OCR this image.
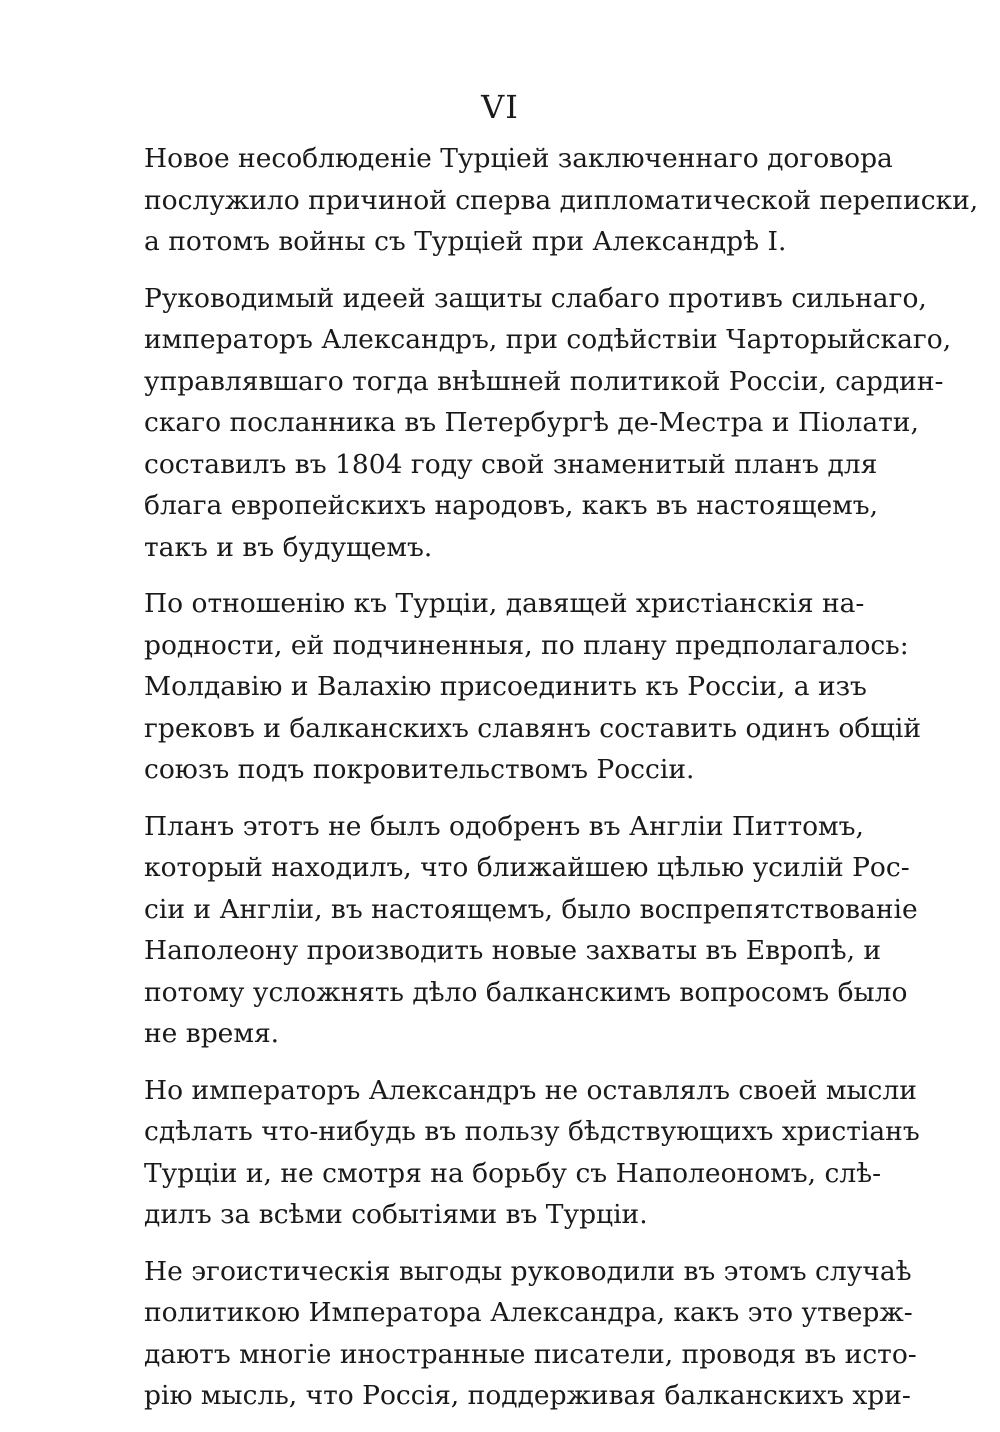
VI
Новое несоблюденіе Турціей заключеннаго договора
послужило причиной сперва дипломатической переписки,
а потомъ войны съ Турціей при Александрѣ I.
Руководимый идеей защиты слабаго противъ сильнаго,
императоръ Александръ, при содѣйствіи Чарторыйскаго,
управлявшаго тогда внѣшней политикой Россіи, сардин-
скаго посланника въ Петербургѣ де-Местра и Піолати,
составилъ въ 1804 году свой знаменитый планъ для
блага европейскихъ народовъ, какъ въ настоящемъ,
такъ и въ будущемъ.
По отношенію къ Турціи, давящей христіанскія на-
родности, ей подчиненныя, по плану предполагалось:
Молдавію и Валахію присоединить къ Россіи, а изъ
грековъ и балканскихъ славянъ составить одинъ общій
союзъ подъ покровительствомъ Россіи.
Планъ этотъ не былъ одобренъ въ Англіи Питтомъ,
который находилъ, что ближайшею цѣлью усилій Рос-
сіи и Англіи, въ настоящемъ, было воспрепятствованіе
Наполеону производить новые захваты въ Европѣ, и
потому усложнять дѣло балканскимъ вопросомъ было
не время.
Но императоръ Александръ не оставлялъ своей мысли
сдѣлать что-нибудь въ пользу бѣдствующихъ христіанъ
Турціи и, не смотря на борьбу съ Наполеономъ, слѣ-
дилъ за всѣми событіями въ Турціи.
Не эгоистическія выгоды руководили въ этомъ случаѣ
политикою Императора Александра, какъ это утверж-
даютъ многіе иностранные писатели, проводя въ исто-
рію мысль, что Россія, поддерживая балканскихъ хри-
